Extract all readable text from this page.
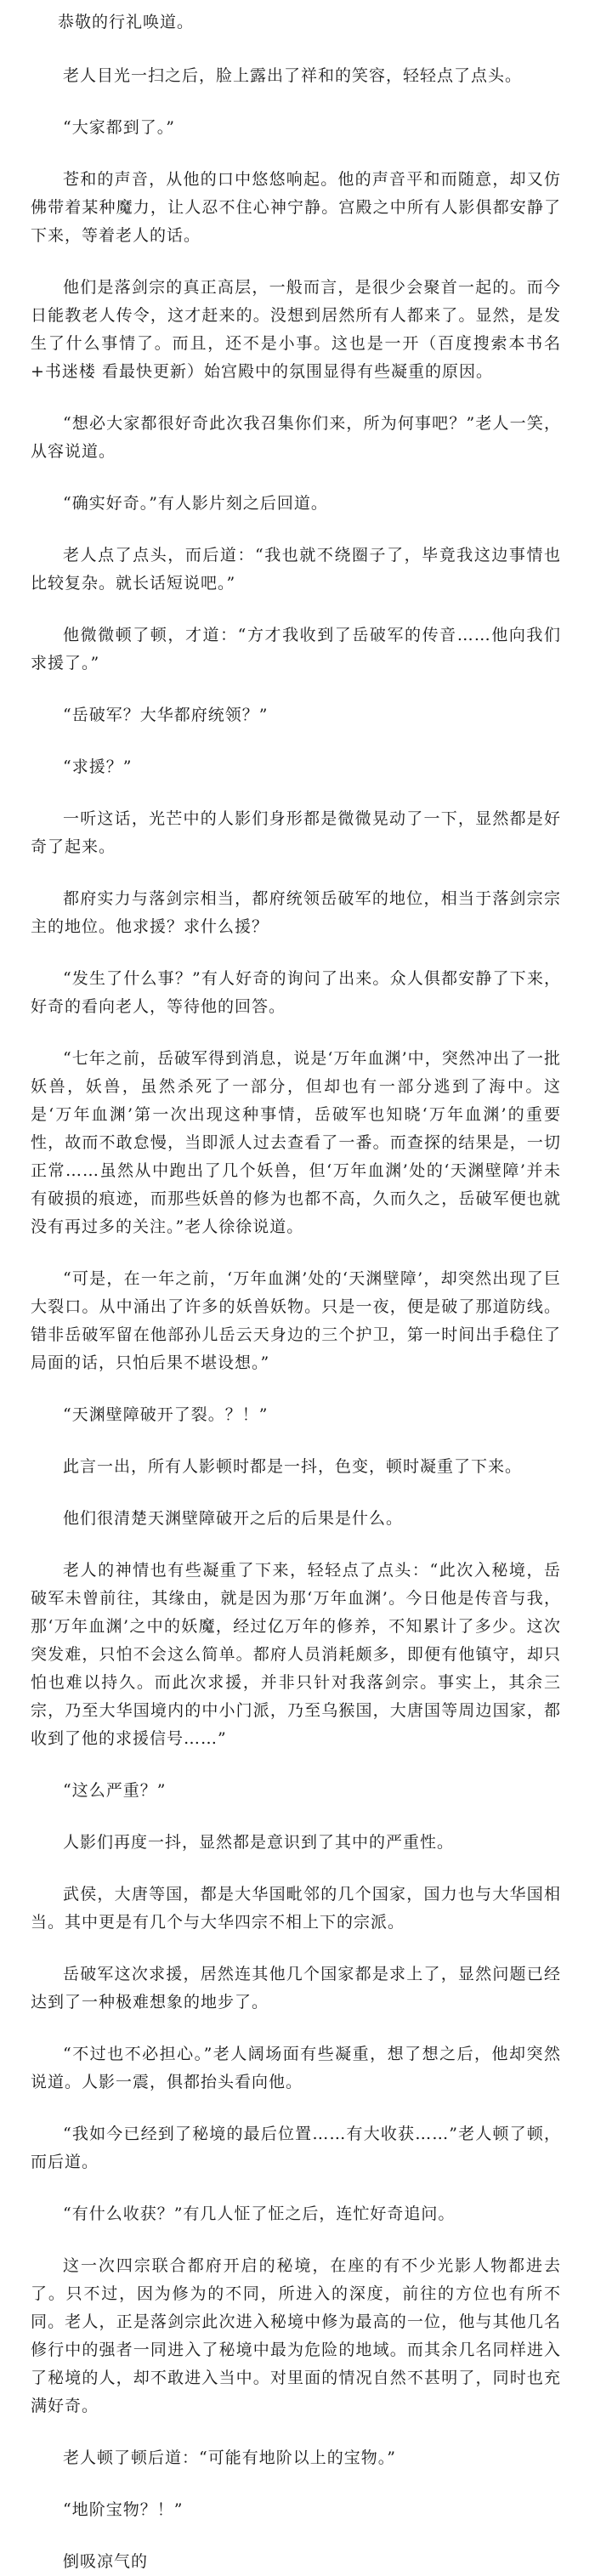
恭敬的行礼唤道。

老人目光一扫之后，脸上露出了祥和的笑容，轻轻点了点头。

“大家都到了。”

苍和的声音，从他的口中悠悠响起。他的声音平和而随意，却又仿佛带着某种魔力，让人忍不住心神宁静。宫殿之中所有人影俱都安静了下来，等着老人的话。

他们是落剑宗的真正高层，一般而言，是很少会聚首一起的。而今日能教老人传令，这才赶来的。没想到居然所有人都来了。显然，是发生了什么事情了。而且，还不是小事。这也是一开（百度搜索本书名+书迷楼 看最快更新）始宫殿中的氛围显得有些凝重的原因。

“想必大家都很好奇此次我召集你们来，所为何事吧？”老人一笑，从容说道。

“确实好奇。”有人影片刻之后回道。

老人点了点头，而后道：“我也就不绕圈子了，毕竟我这边事情也比较复杂。就长话短说吧。”

他微微顿了顿，才道：“方才我收到了岳破军的传音……他向我们求援了。”

“岳破军？大华都府统领？”

“求援？”

一听这话，光芒中的人影们身形都是微微晃动了一下，显然都是好奇了起来。

都府实力与落剑宗相当，都府统领岳破军的地位，相当于落剑宗宗主的地位。他求援？求什么援？

“发生了什么事？”有人好奇的询问了出来。众人俱都安静了下来，好奇的看向老人，等待他的回答。

“七年之前，岳破军得到消息，说是‘万年血渊’中，突然冲出了一批妖兽，妖兽，虽然杀死了一部分，但却也有一部分逃到了海中。这是‘万年血渊’第一次出现这种事情，岳破军也知晓‘万年血渊’的重要性，故而不敢怠慢，当即派人过去查看了一番。而查探的结果是，一切正常……虽然从中跑出了几个妖兽，但‘万年血渊’处的‘天渊壁障’并未有破损的痕迹，而那些妖兽的修为也都不高，久而久之，岳破军便也就没有再过多的关注。”老人徐徐说道。

“可是，在一年之前，‘万年血渊’处的‘天渊壁障’，却突然出现了巨大裂口。从中涌出了许多的妖兽妖物。只是一夜，便是破了那道防线。错非岳破军留在他部孙儿岳云天身边的三个护卫，第一时间出手稳住了局面的话，只怕后果不堪设想。”

“天渊壁障破开了裂。？！”

此言一出，所有人影顿时都是一抖，色变，顿时凝重了下来。

他们很清楚天渊壁障破开之后的后果是什么。

老人的神情也有些凝重了下来，轻轻点了点头：“此次入秘境，岳破军未曾前往，其缘由，就是因为那‘万年血渊’。今日他是传音与我，那‘万年血渊’之中的妖魔，经过亿万年的修养，不知累计了多少。这次突发难，只怕不会这么简单。都府人员消耗颇多，即便有他镇守，却只怕也难以持久。而此次求援，并非只针对我落剑宗。事实上，其余三宗，乃至大华国境内的中小门派，乃至乌猴国，大唐国等周边国家，都收到了他的求援信号……”

“这么严重？”

人影们再度一抖，显然都是意识到了其中的严重性。

武侯，大唐等国，都是大华国毗邻的几个国家，国力也与大华国相当。其中更是有几个与大华四宗不相上下的宗派。

岳破军这次求援，居然连其他几个国家都是求上了，显然问题已经达到了一种极难想象的地步了。

“不过也不必担心。”老人阔场面有些凝重，想了想之后，他却突然说道。人影一震，俱都抬头看向他。

“我如今已经到了秘境的最后位置……有大收获……”老人顿了顿，而后道。

“有什么收获？”有几人怔了怔之后，连忙好奇追问。

这一次四宗联合都府开启的秘境，在座的有不少光影人物都进去了。只不过，因为修为的不同，所进入的深度，前往的方位也有所不同。老人，正是落剑宗此次进入秘境中修为最高的一位，他与其他几名修行中的强者一同进入了秘境中最为危险的地域。而其余几名同样进入了秘境的人，却不敢进入当中。对里面的情况自然不甚明了，同时也充满好奇。

老人顿了顿后道：“可能有地阶以上的宝物。”

“地阶宝物？！”

倒吸凉气的
